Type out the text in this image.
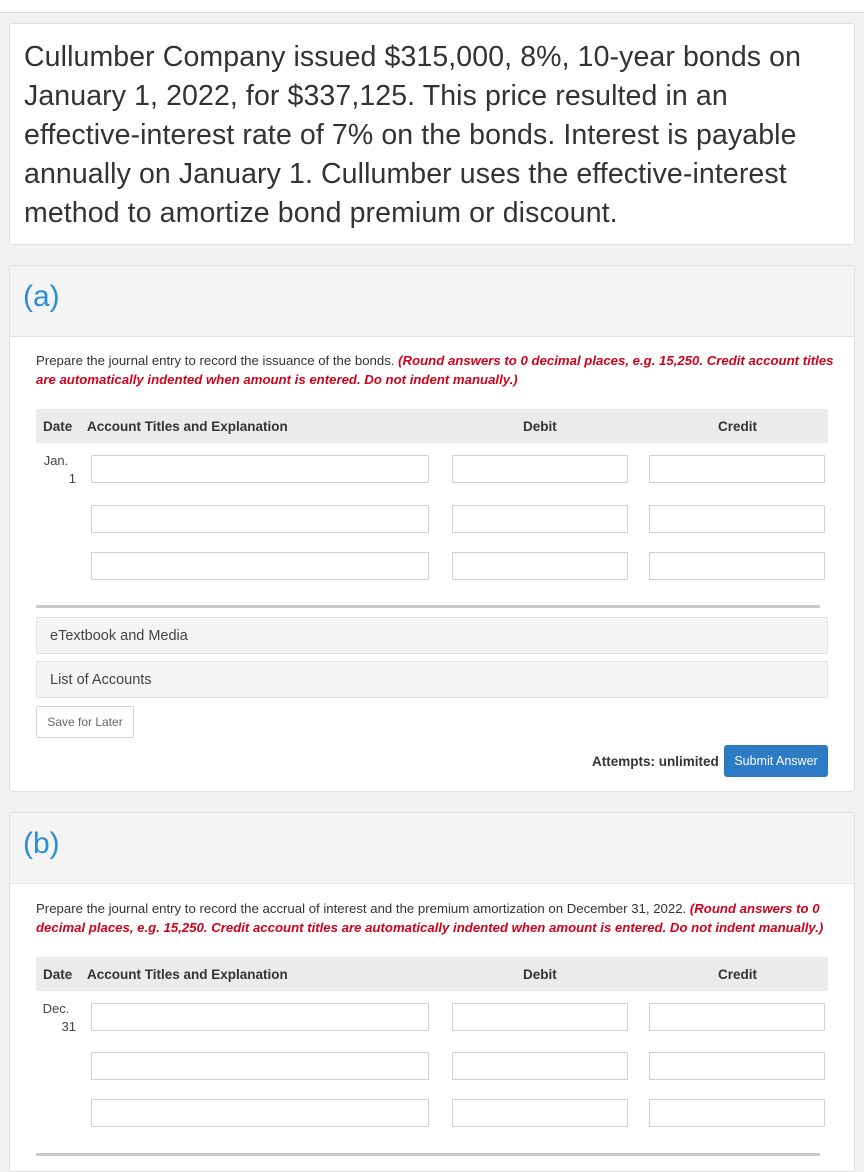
Cullumber Company issued $315,000, 8%, 10-year bonds on January 1, 2022, for $337,125. This price resulted in an effective-interest rate of 7% on the bonds. Interest is payable annually on January 1. Cullumber uses the effective-interest method to amortize bond premium or discount.

(a)
Prepare the journal entry to record the issuance of the bonds. (Round answers to 0 decimal places, e.g. 15,250. Credit account titles are automatically indented when amount is entered. Do not indent manually.)
Date Account Titles and Explanation	Debit	Credit
Jan.
1
eTextbook and Media
List of Accounts
Save for Later
Attempts: unlimited	Submit Answer
(b)
Prepare the journal entry to record the accrual of interest and the premium amortization on December 31, 2022. (Round answers to 0 decimal places, e.g. 15,250. Credit account titles are automatically indented when amount is entered. Do not indent manually.)
Date Account Titles and Explanation	Debit	Credit
Dec.
31
